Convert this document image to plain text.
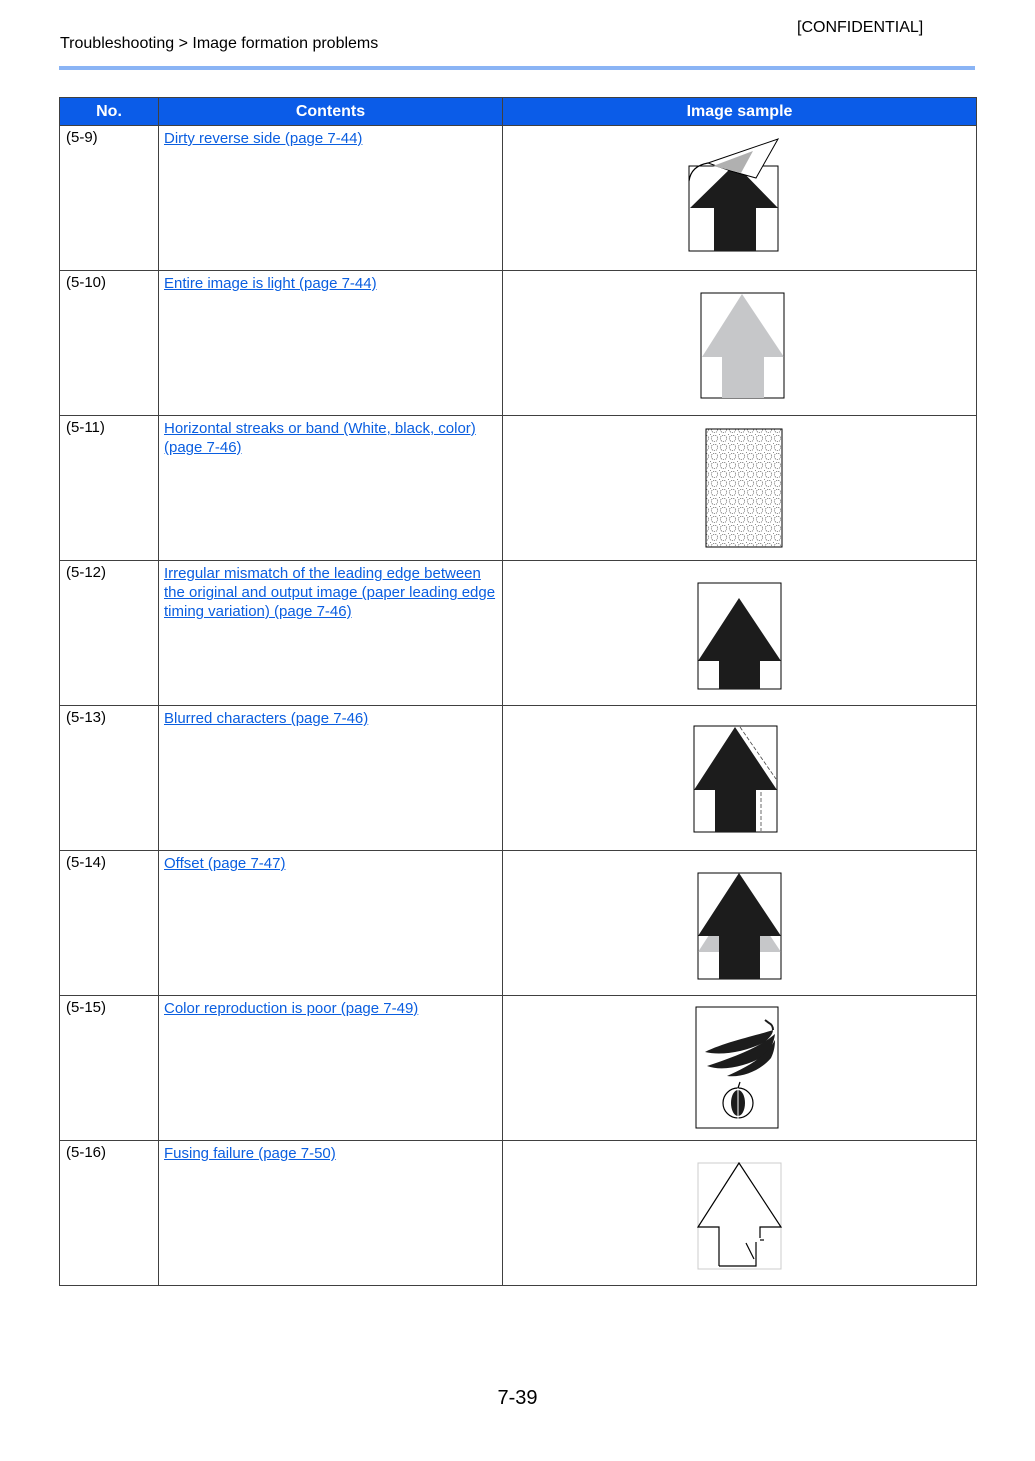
[CONFIDENTIAL]
Troubleshooting > Image formation problems
No.	Contents	Image sample
(5-9)	Dirty reverse side (page 7-44)	

(5-10)	Entire image is light (page 7-44)	

(5-11)	Horizontal streaks or band (White, black, color) (page 7-46)	

(5-12)	Irregular mismatch of the leading edge between the original and output image (paper leading edge timing variation) (page 7-46)	

(5-13)	Blurred characters (page 7-46)	

(5-14)	Offset (page 7-47)	

(5-15)	Color reproduction is poor (page 7-49)	

(5-16)	Fusing failure (page 7-50)	
7-39
